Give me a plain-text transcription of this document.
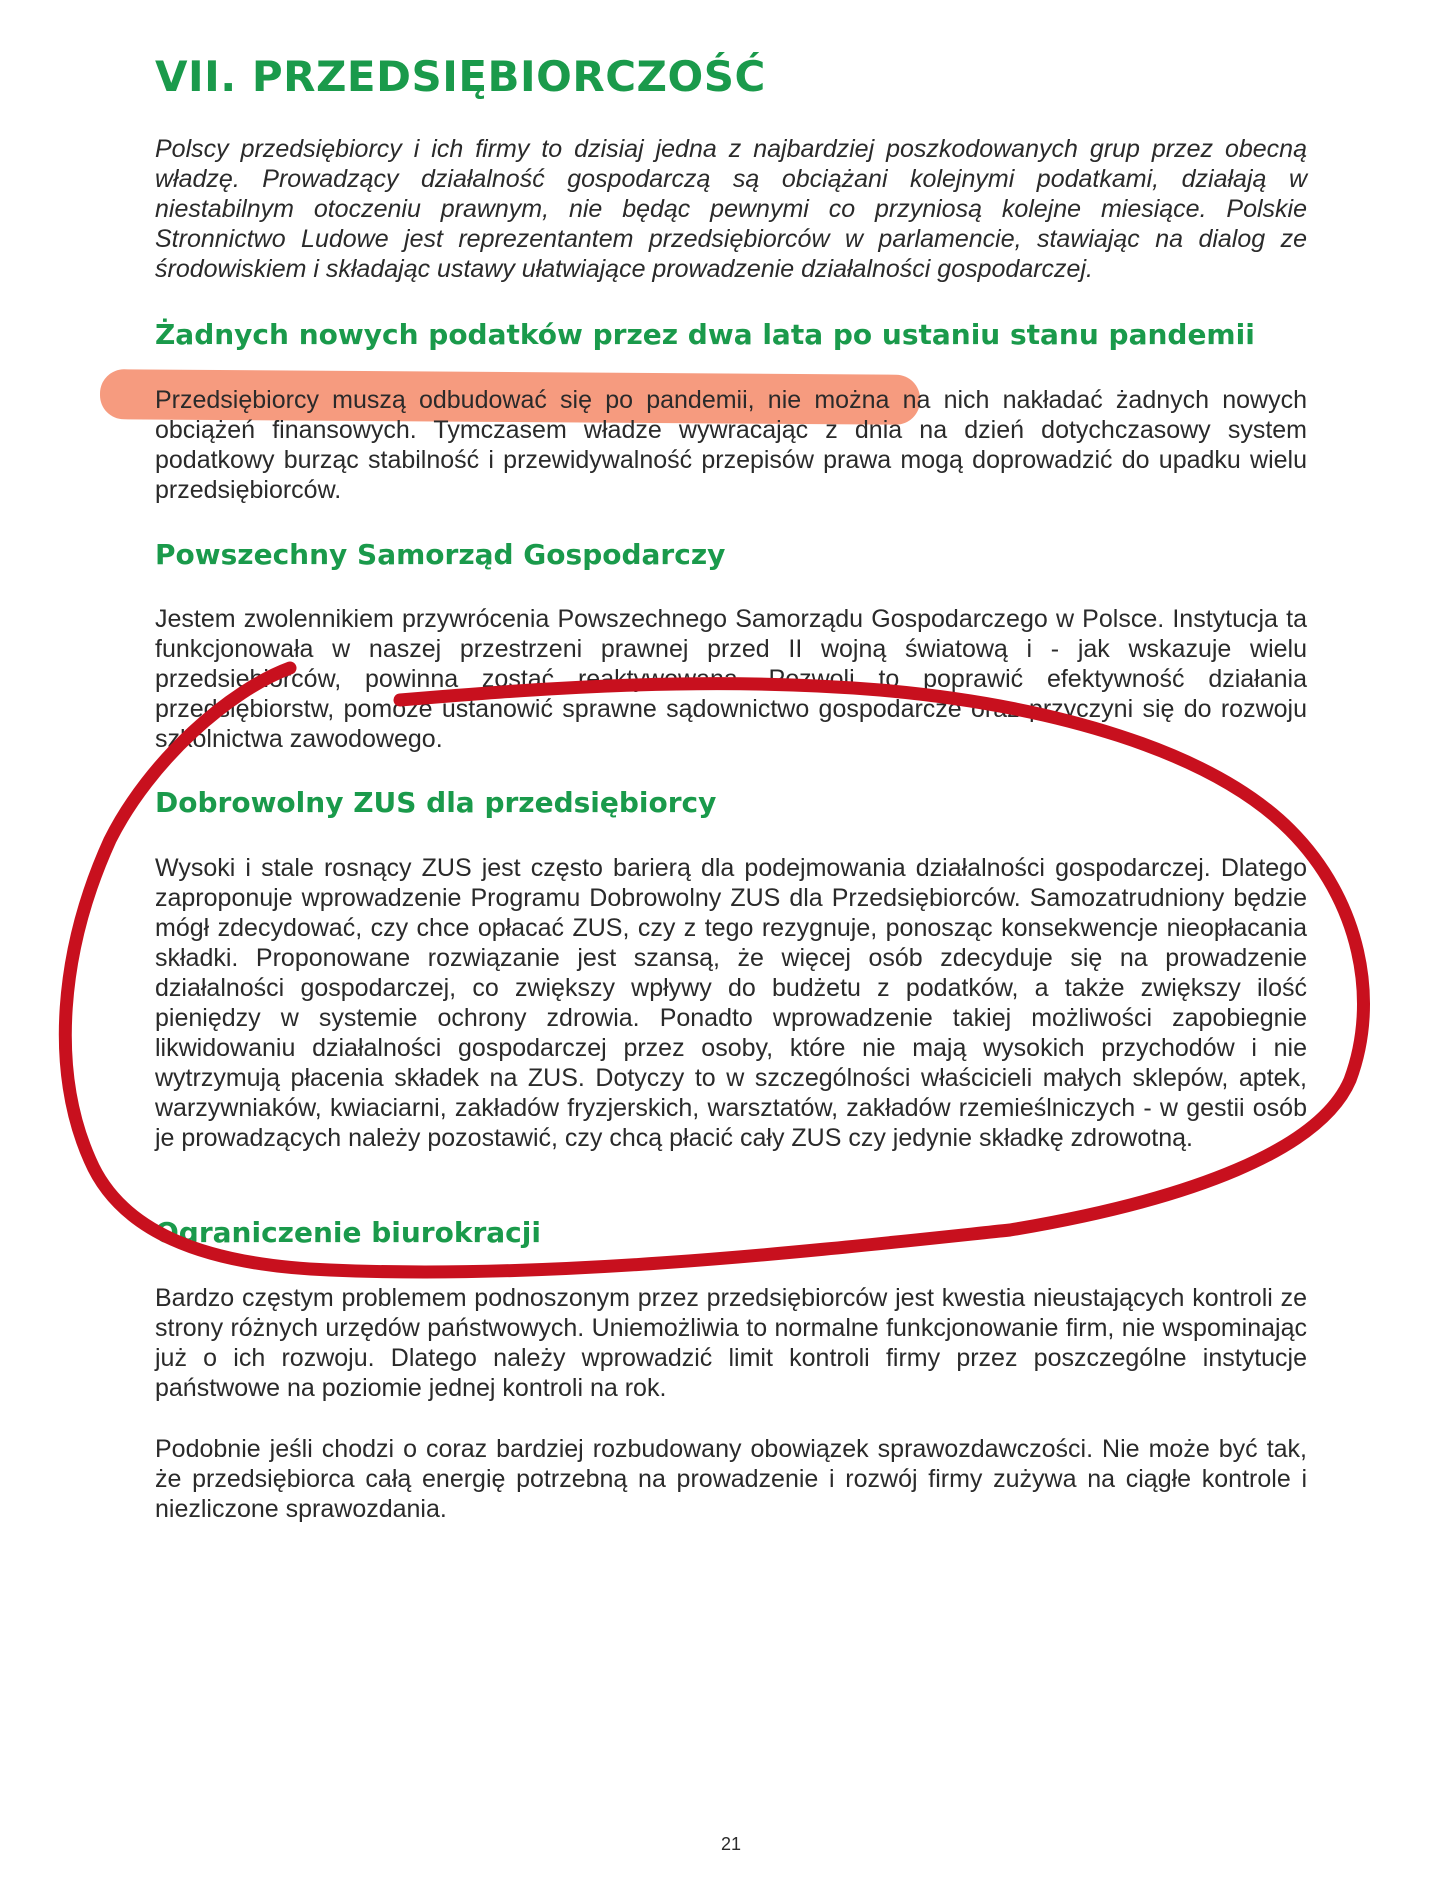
VII. PRZEDSIĘBIORCZOŚĆ

Polscy przedsiębiorcy i ich firmy to dzisiaj jedna z najbardziej poszkodowanych grup przez obecną władzę. Prowadzący działalność gospodarczą są obciążani kolejnymi podatkami, działają w niestabilnym otoczeniu prawnym, nie będąc pewnymi co przyniosą kolejne miesiące. Polskie Stronnictwo Ludowe jest reprezentantem przedsiębiorców w parlamencie, stawiając na dialog ze środowiskiem i składając ustawy ułatwiające prowadzenie działalności gospodarczej.

Żadnych nowych podatków przez dwa lata po ustaniu stanu pandemii

Przedsiębiorcy muszą odbudować się po pandemii, nie można na nich nakładać żadnych nowych obciążeń finansowych. Tymczasem władze wywracając z dnia na dzień dotychczasowy system podatkowy burząc stabilność i przewidywalność przepisów prawa mogą doprowadzić do upadku wielu przedsiębiorców.

Powszechny Samorząd Gospodarczy

Jestem zwolennikiem przywrócenia Powszechnego Samorządu Gospodarczego w Polsce. Instytucja ta funkcjonowała w naszej przestrzeni prawnej przed II wojną światową i - jak wskazuje wielu przedsiębiorców, powinna zostać reaktywowana. Pozwoli to poprawić efektywność działania przedsiębiorstw, pomoże ustanowić sprawne sądownictwo gospodarcze oraz przyczyni się do rozwoju szkolnictwa zawodowego.

Dobrowolny ZUS dla przedsiębiorcy

Wysoki i stale rosnący ZUS jest często barierą dla podejmowania działalności gospodarczej. Dlatego zaproponuje wprowadzenie Programu Dobrowolny ZUS dla Przedsiębiorców. Samozatrudniony będzie mógł zdecydować, czy chce opłacać ZUS, czy z tego rezygnuje, ponosząc konsekwencje nieopłacania składki. Proponowane rozwiązanie jest szansą, że więcej osób zdecyduje się na prowadzenie działalności gospodarczej, co zwiększy wpływy do budżetu z podatków, a także zwiększy ilość pieniędzy w systemie ochrony zdrowia. Ponadto wprowadzenie takiej możliwości zapobiegnie likwidowaniu działalności gospodarczej przez osoby, które nie mają wysokich przychodów i nie wytrzymują płacenia składek na ZUS. Dotyczy to w szczególności właścicieli małych sklepów, aptek, warzywniaków, kwiaciarni, zakładów fryzjerskich, warsztatów, zakładów rzemieślniczych - w gestii osób je prowadzących należy pozostawić, czy chcą płacić cały ZUS czy jedynie składkę zdrowotną.

Ograniczenie biurokracji

Bardzo częstym problemem podnoszonym przez przedsiębiorców jest kwestia nieustających kontroli ze strony różnych urzędów państwowych. Uniemożliwia to normalne funkcjonowanie firm, nie wspominając już o ich rozwoju. Dlatego należy wprowadzić limit kontroli firmy przez poszczególne instytucje państwowe na poziomie jednej kontroli na rok.

Podobnie jeśli chodzi o coraz bardziej rozbudowany obowiązek sprawozdawczości. Nie może być tak, że przedsiębiorca całą energię potrzebną na prowadzenie i rozwój firmy zużywa na ciągłe kontrole i niezliczone sprawozdania.

21
